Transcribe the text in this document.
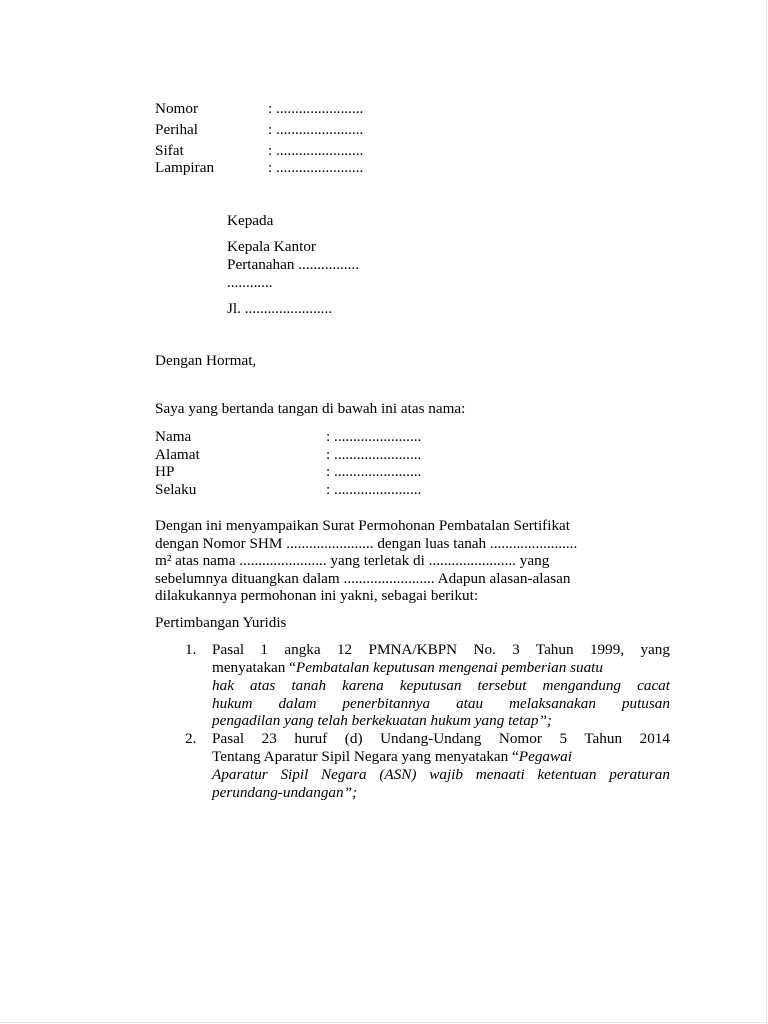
Nomor	: .......................
Perihal	: .......................
Sifat	: .......................
Lampiran	: .......................
Kepada
Kepala Kantor
Pertanahan ................
............
Jl. .......................
Dengan Hormat,
Saya yang bertanda tangan di bawah ini atas nama:
Nama	: .......................
Alamat	: .......................
HP	: .......................
Selaku	: .......................
Dengan ini menyampaikan Surat Permohonan Pembatalan Sertifikat
dengan Nomor SHM ....................... dengan luas tanah .......................
m² atas nama ....................... yang terletak di ....................... yang
sebelumnya dituangkan dalam ........................ Adapun alasan-alasan
dilakukannya permohonan ini yakni, sebagai berikut:
Pertimbangan Yuridis
1. Pasal 1 angka 12 PMNA/KBPN No. 3 Tahun 1999, yang
menyatakan “Pembatalan keputusan mengenai pemberian suatu
hak atas tanah karena keputusan tersebut mengandung cacat
hukum dalam penerbitannya atau melaksanakan putusan
pengadilan yang telah berkekuatan hukum yang tetap”;
2. Pasal 23 huruf (d) Undang-Undang Nomor 5 Tahun 2014
Tentang Aparatur Sipil Negara yang menyatakan “Pegawai
Aparatur Sipil Negara (ASN) wajib menaati ketentuan peraturan
perundang-undangan”;
